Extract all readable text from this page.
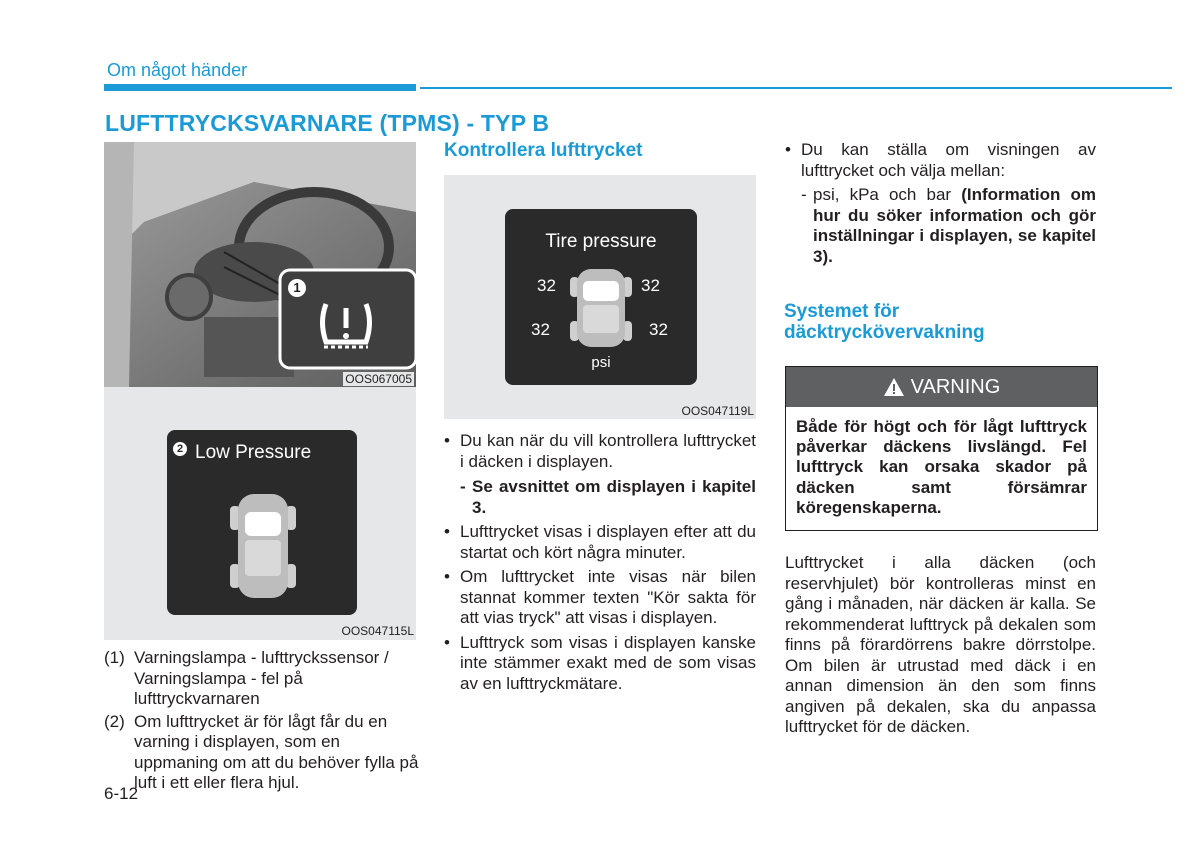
Om något händer
LUFTTRYCKSVARNARE (TPMS) - TYP B
1
OOS067005
2 Low Pressure
OOS047115L
(1) Varningslampa - lufttryckssensor / Varningslampa - fel på lufttryckvarnaren
(2) Om lufttrycket är för lågt får du en varning i displayen, som en uppmaning om att du behöver fylla på luft i ett eller flera hjul.
6-12
Kontrollera lufttrycket
Tire pressure
32	32
32	32
psi
OOS047119L
• Du kan när du vill kontrollera lufttrycket i däcken i displayen.
- Se avsnittet om displayen i kapitel 3.
• Lufttrycket visas i displayen efter att du startat och kört några minuter.
• Om lufttrycket inte visas när bilen stannat kommer texten "Kör sakta för att vias tryck" att visas i displayen.
• Lufttryck som visas i displayen kanske inte stämmer exakt med de som visas av en lufttryckmätare.
• Du kan ställa om visningen av lufttrycket och välja mellan:
- psi, kPa och bar (Information om hur du söker information och gör inställningar i displayen, se kapitel 3).
Systemet för däcktryckövervakning
VARNING
Både för högt och för lågt lufttryck påverkar däckens livslängd. Fel lufttryck kan orsaka skador på däcken samt försämrar köregenskaperna.
Lufttrycket i alla däcken (och reservhjulet) bör kontrolleras minst en gång i månaden, när däcken är kalla. Se rekommenderat lufttryck på dekalen som finns på förardörrens bakre dörrstolpe. Om bilen är utrustad med däck i en annan dimension än den som finns angiven på dekalen, ska du anpassa lufttrycket för de däcken.
